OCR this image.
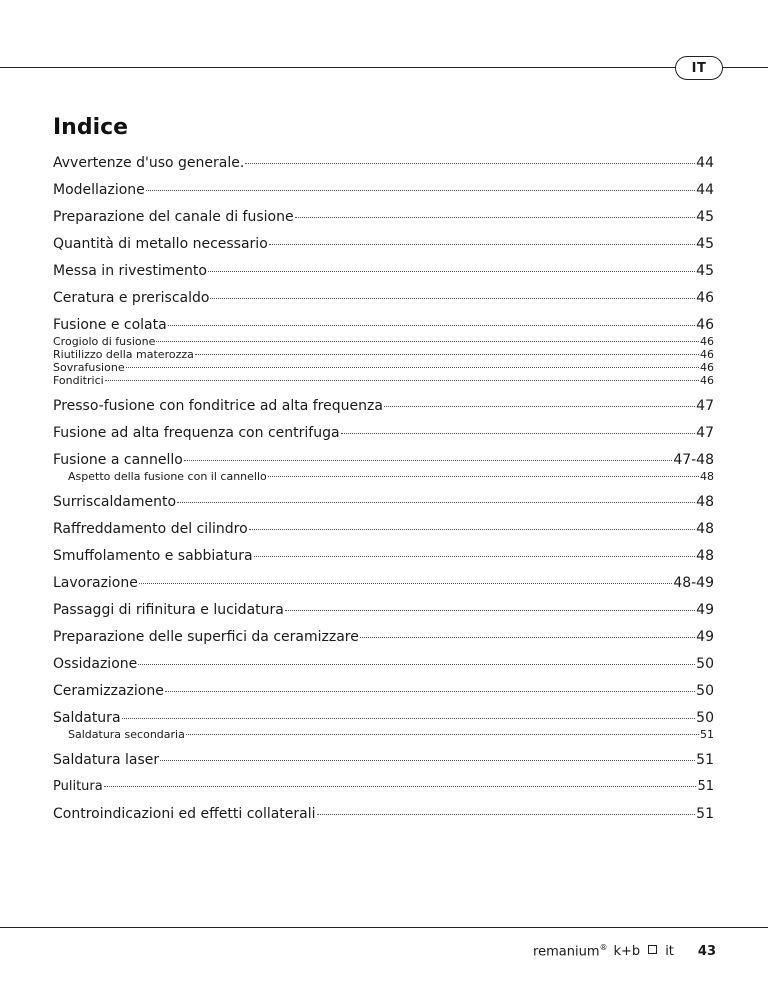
IT
Indice
Avvertenze d'uso generale.	44
Modellazione	44
Preparazione del canale di fusione	45
Quantità di metallo necessario	45
Messa in rivestimento	45
Ceratura e preriscaldo	46
Fusione e colata	46
Crogiolo di fusione	46
Riutilizzo della materozza	46
Sovrafusione	46
Fonditrici	46
Presso-fusione con fonditrice ad alta frequenza	47
Fusione ad alta frequenza con centrifuga	47
Fusione a cannello	47-48
Aspetto della fusione con il cannello	48
Surriscaldamento	48
Raffreddamento del cilindro	48
Smuffolamento e sabbiatura	48
Lavorazione	48-49
Passaggi di rifinitura e lucidatura	49
Preparazione delle superfici da ceramizzare	49
Ossidazione	50
Ceramizzazione	50
Saldatura	50
Saldatura secondaria	51
Saldatura laser	51
Pulitura	51
Controindicazioni ed effetti collaterali	51
remanium® k+b it 43
